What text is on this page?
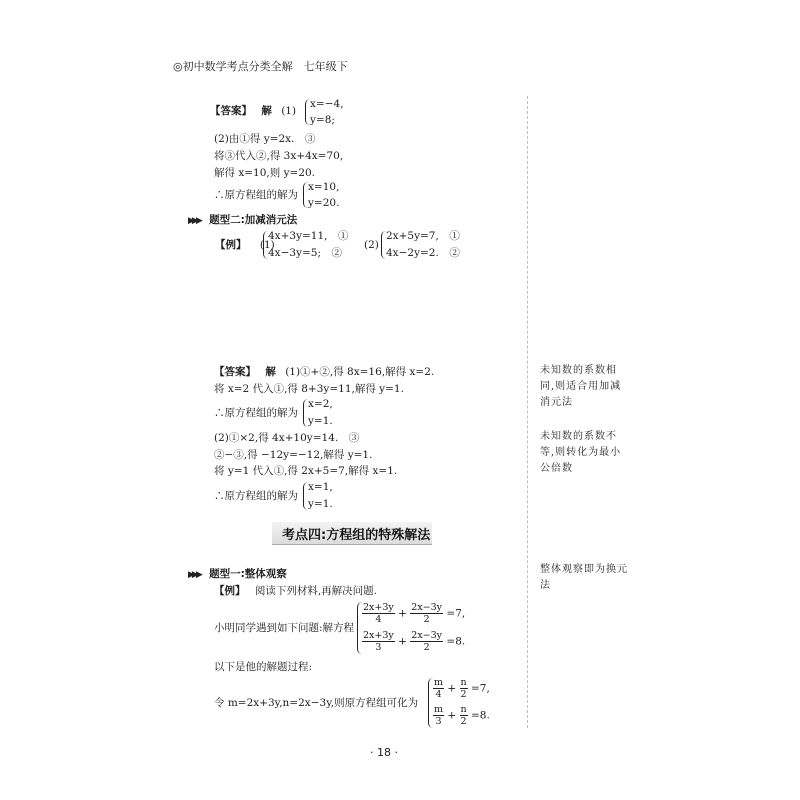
◎初中数学考点分类全解　七年级下
【答案】 解 (1)
x=−4,
y=8;
(2)由①得 y=2x.　③
将③代入②,得 3x+4x=70,
解得 x=10,则 y=20.
∴原方程组的解为
x=10,
y=20.
▶▶▶ 题型二:加减消元法
【例】 (1)
4x+3y=11,　①
4x−3y=5;　②
(2)
2x+5y=7,　①
4x−2y=2.　②
【答案】 解 (1)①+②,得 8x=16,解得 x=2.
将 x=2 代入①,得 8+3y=11,解得 y=1.
∴原方程组的解为
x=2,
y=1.
(2)①×2,得 4x+10y=14.　③
②−③,得 −12y=−12,解得 y=1.
将 y=1 代入①,得 2x+5=7,解得 x=1.
∴原方程组的解为
x=1,
y=1.
未知数的系数相同,则适合用加减消元法
未知数的系数不等,则转化为最小公倍数
整体观察即为换元法
考点四:方程组的特殊解法
▶▶▶ 题型一:整体观察
【例】 阅读下列材料,再解决问题.
小明同学遇到如下问题:解方程
$\frac{2x+3y}{4} + \frac{2x-3y}{2} =7$,
$\frac{2x+3y}{3} + \frac{2x-3y}{2} =8$.
以下是他的解题过程:
令 m=2x+3y,n=2x−3y,则原方程组可化为
$\frac{m}{4} + \frac{n}{2} =7$,
$\frac{m}{3} + \frac{n}{2} =8$.
· 18 ·
